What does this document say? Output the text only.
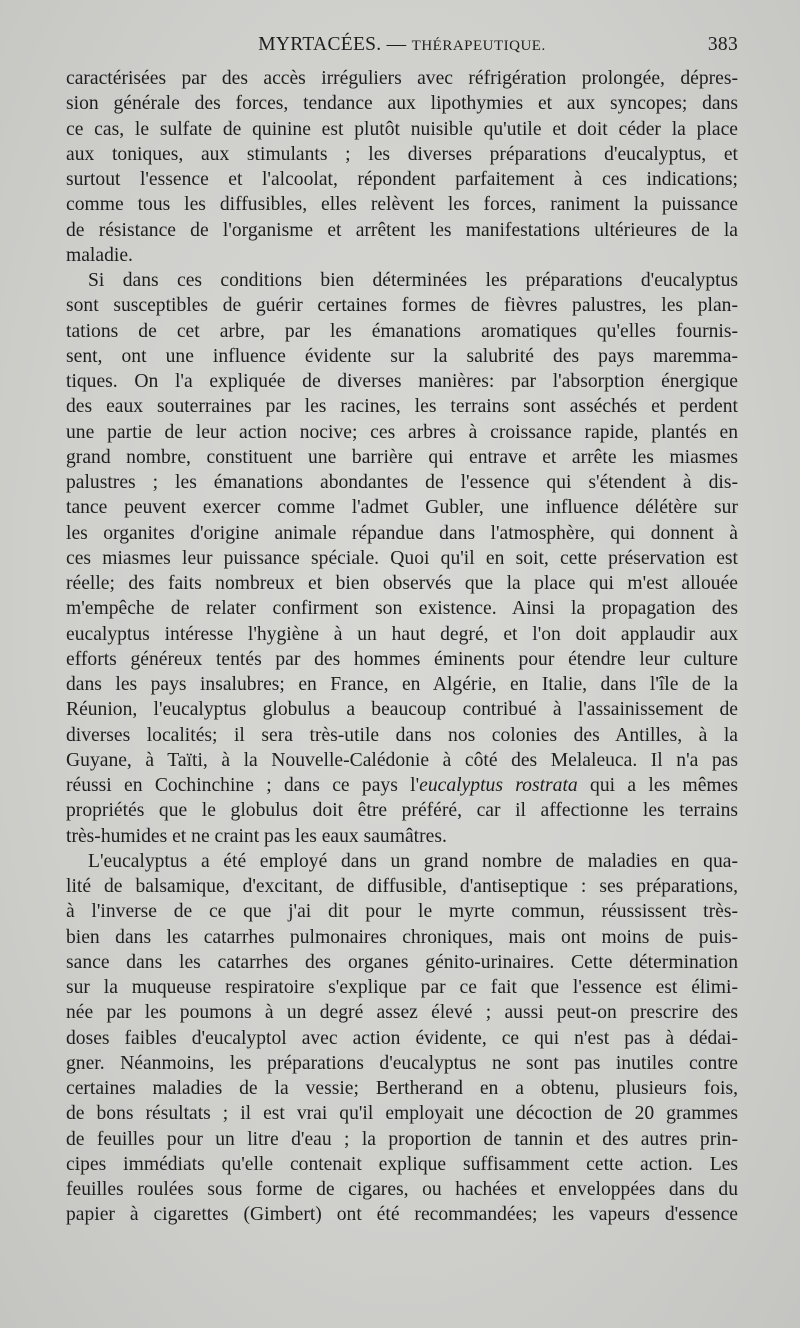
MYRTACÉES. — THÉRAPEUTIQUE.	383

caractérisées par des accès irréguliers avec réfrigération prolongée, dépres-
sion générale des forces, tendance aux lipothymies et aux syncopes; dans
ce cas, le sulfate de quinine est plutôt nuisible qu'utile et doit céder la place
aux toniques, aux stimulants ; les diverses préparations d'eucalyptus, et
surtout l'essence et l'alcoolat, répondent parfaitement à ces indications;
comme tous les diffusibles, elles relèvent les forces, raniment la puissance
de résistance de l'organisme et arrêtent les manifestations ultérieures de la
maladie.

Si dans ces conditions bien déterminées les préparations d'eucalyptus
sont susceptibles de guérir certaines formes de fièvres palustres, les plan-
tations de cet arbre, par les émanations aromatiques qu'elles fournis-
sent, ont une influence évidente sur la salubrité des pays maremma-
tiques. On l'a expliquée de diverses manières: par l'absorption énergique
des eaux souterraines par les racines, les terrains sont asséchés et perdent
une partie de leur action nocive; ces arbres à croissance rapide, plantés en
grand nombre, constituent une barrière qui entrave et arrête les miasmes
palustres ; les émanations abondantes de l'essence qui s'étendent à dis-
tance peuvent exercer comme l'admet Gubler, une influence délétère sur
les organites d'origine animale répandue dans l'atmosphère, qui donnent à
ces miasmes leur puissance spéciale. Quoi qu'il en soit, cette préservation est
réelle; des faits nombreux et bien observés que la place qui m'est allouée
m'empêche de relater confirment son existence. Ainsi la propagation des
eucalyptus intéresse l'hygiène à un haut degré, et l'on doit applaudir aux
efforts généreux tentés par des hommes éminents pour étendre leur culture
dans les pays insalubres; en France, en Algérie, en Italie, dans l'île de la
Réunion, l'eucalyptus globulus a beaucoup contribué à l'assainissement de
diverses localités; il sera très-utile dans nos colonies des Antilles, à la
Guyane, à Taïti, à la Nouvelle-Calédonie à côté des Melaleuca. Il n'a pas
réussi en Cochinchine ; dans ce pays l'eucalyptus rostrata qui a les mêmes
propriétés que le globulus doit être préféré, car il affectionne les terrains
très-humides et ne craint pas les eaux saumâtres.

L'eucalyptus a été employé dans un grand nombre de maladies en qua-
lité de balsamique, d'excitant, de diffusible, d'antiseptique : ses préparations,
à l'inverse de ce que j'ai dit pour le myrte commun, réussissent très-
bien dans les catarrhes pulmonaires chroniques, mais ont moins de puis-
sance dans les catarrhes des organes génito-urinaires. Cette détermination
sur la muqueuse respiratoire s'explique par ce fait que l'essence est élimi-
née par les poumons à un degré assez élevé ; aussi peut-on prescrire des
doses faibles d'eucalyptol avec action évidente, ce qui n'est pas à dédai-
gner. Néanmoins, les préparations d'eucalyptus ne sont pas inutiles contre
certaines maladies de la vessie; Bertherand en a obtenu, plusieurs fois,
de bons résultats ; il est vrai qu'il employait une décoction de 20 grammes
de feuilles pour un litre d'eau ; la proportion de tannin et des autres prin-
cipes immédiats qu'elle contenait explique suffisamment cette action. Les
feuilles roulées sous forme de cigares, ou hachées et enveloppées dans du
papier à cigarettes (Gimbert) ont été recommandées; les vapeurs d'essence
